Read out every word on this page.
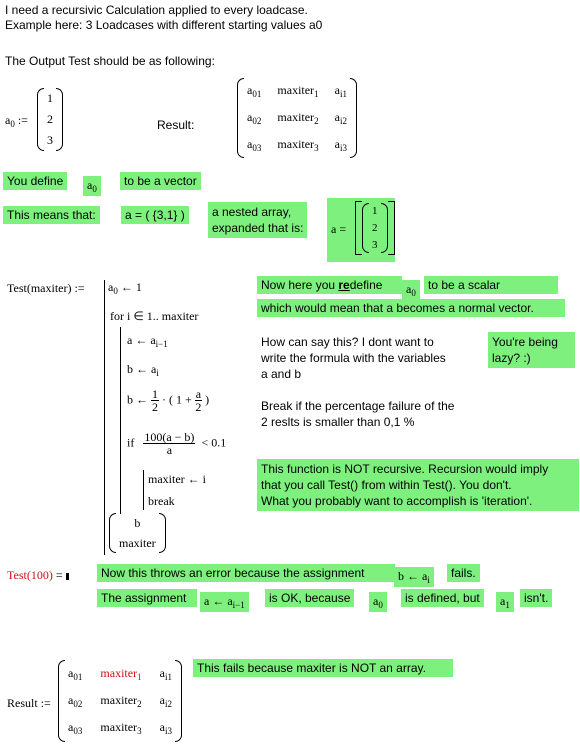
I need a recursivic Calculation applied to every loadcase.
Example here: 3 Loadcases with different starting values a0
The Output Test should be as following:
$a_0$ :=
1
2
3
Result:
$a_{01}$ maxiter$_1$ $a_{i1}$
$a_{02}$ maxiter$_2$ $a_{i2}$
$a_{03}$ maxiter$_3$ $a_{i3}$
You define	$a_0$
to be a vector
This means that:	a = ( {3,1} )	a nested array,
expanded that is: a =
1
2
3
Test(maxiter) := $a_0$ ← 1
for i ∈ 1.. maxiter
a ← $a_{i-1}$
b ← $a_i$
b ← $\frac{1}{2}$ · ( $1 + \frac{a}{2}$ )
if $\frac{100(a - b)}{a} < 0.1$
maxiter ← i
break
b
maxiter
Now here you redefine	$a_0$
to be a scalar
which would mean that a becomes a normal vector.
How can say this? I dont want to
write the formula with the variables
a and b
You're being
lazy? :)
Break if the percentage failure of the
2 reslts is smaller than 0,1 %
This function is NOT recursive. Recursion would imply
that you call Test() from within Test(). You don't.
What you probably want to accomplish is 'iteration'.
Test(100) =	Now this throws an error because the assignment	b ← $a_i$	fails.
The assignment	a ← $a_{i-1}$	is OK, because	$a_0$	is defined, but	$a_1$	isn't.
Result :=
$a_{01}$ maxiter$_1$ $a_{i1}$
$a_{02}$ maxiter$_2$ $a_{i2}$
$a_{03}$ maxiter$_3$ $a_{i3}$
This fails because maxiter is NOT an array.
